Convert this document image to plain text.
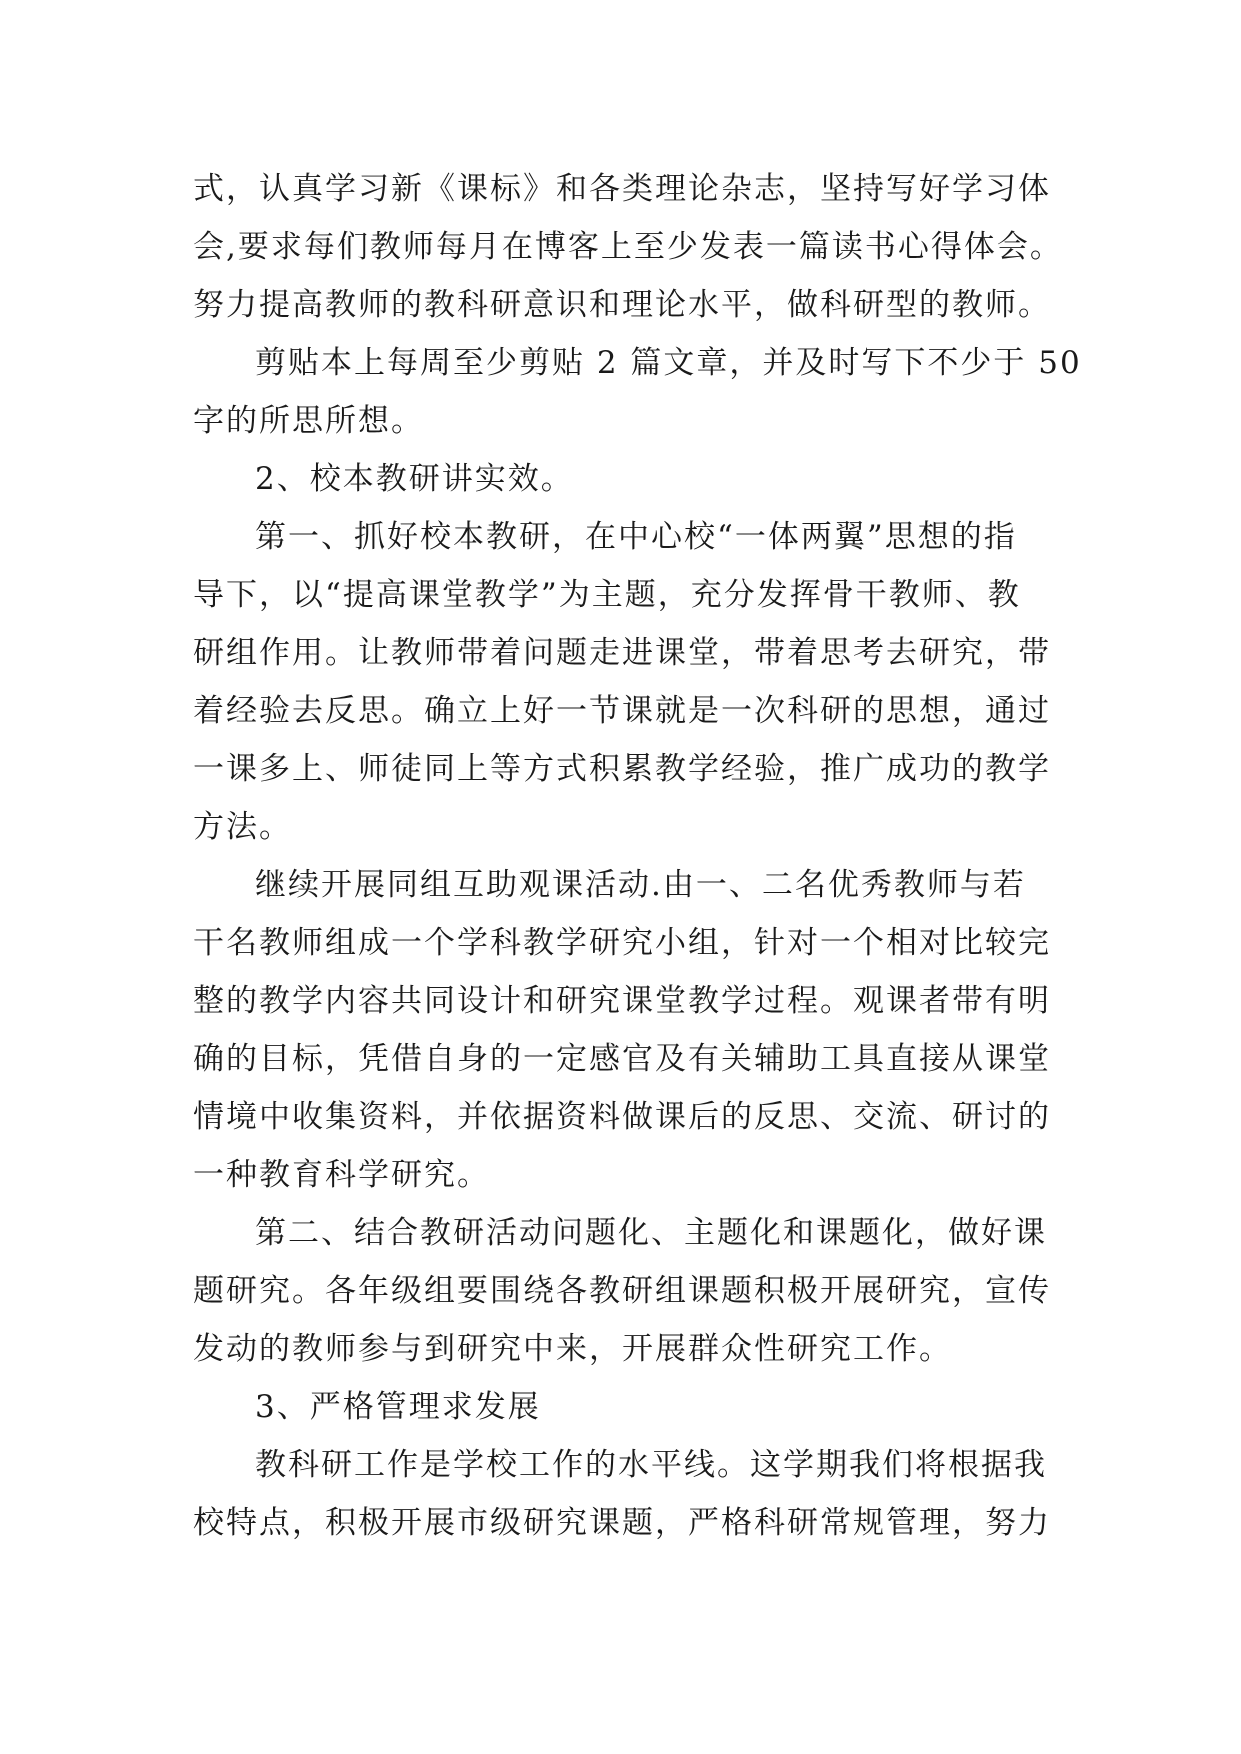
式，认真学习新《课标》和各类理论杂志，坚持写好学习体
会,要求每们教师每月在博客上至少发表一篇读书心得体会。
努力提高教师的教科研意识和理论水平，做科研型的教师。

剪贴本上每周至少剪贴 2 篇文章，并及时写下不少于 50
字的所思所想。

2、校本教研讲实效。

第一、抓好校本教研，在中心校“一体两翼”思想的指
导下，以“提高课堂教学”为主题，充分发挥骨干教师、教
研组作用。让教师带着问题走进课堂，带着思考去研究，带
着经验去反思。确立上好一节课就是一次科研的思想，通过
一课多上、师徒同上等方式积累教学经验，推广成功的教学
方法。

继续开展同组互助观课活动.由一、二名优秀教师与若
干名教师组成一个学科教学研究小组，针对一个相对比较完
整的教学内容共同设计和研究课堂教学过程。观课者带有明
确的目标，凭借自身的一定感官及有关辅助工具直接从课堂
情境中收集资料，并依据资料做课后的反思、交流、研讨的
一种教育科学研究。

第二、结合教研活动问题化、主题化和课题化，做好课
题研究。各年级组要围绕各教研组课题积极开展研究，宣传
发动的教师参与到研究中来，开展群众性研究工作。

3、严格管理求发展

教科研工作是学校工作的水平线。这学期我们将根据我
校特点，积极开展市级研究课题，严格科研常规管理，努力
